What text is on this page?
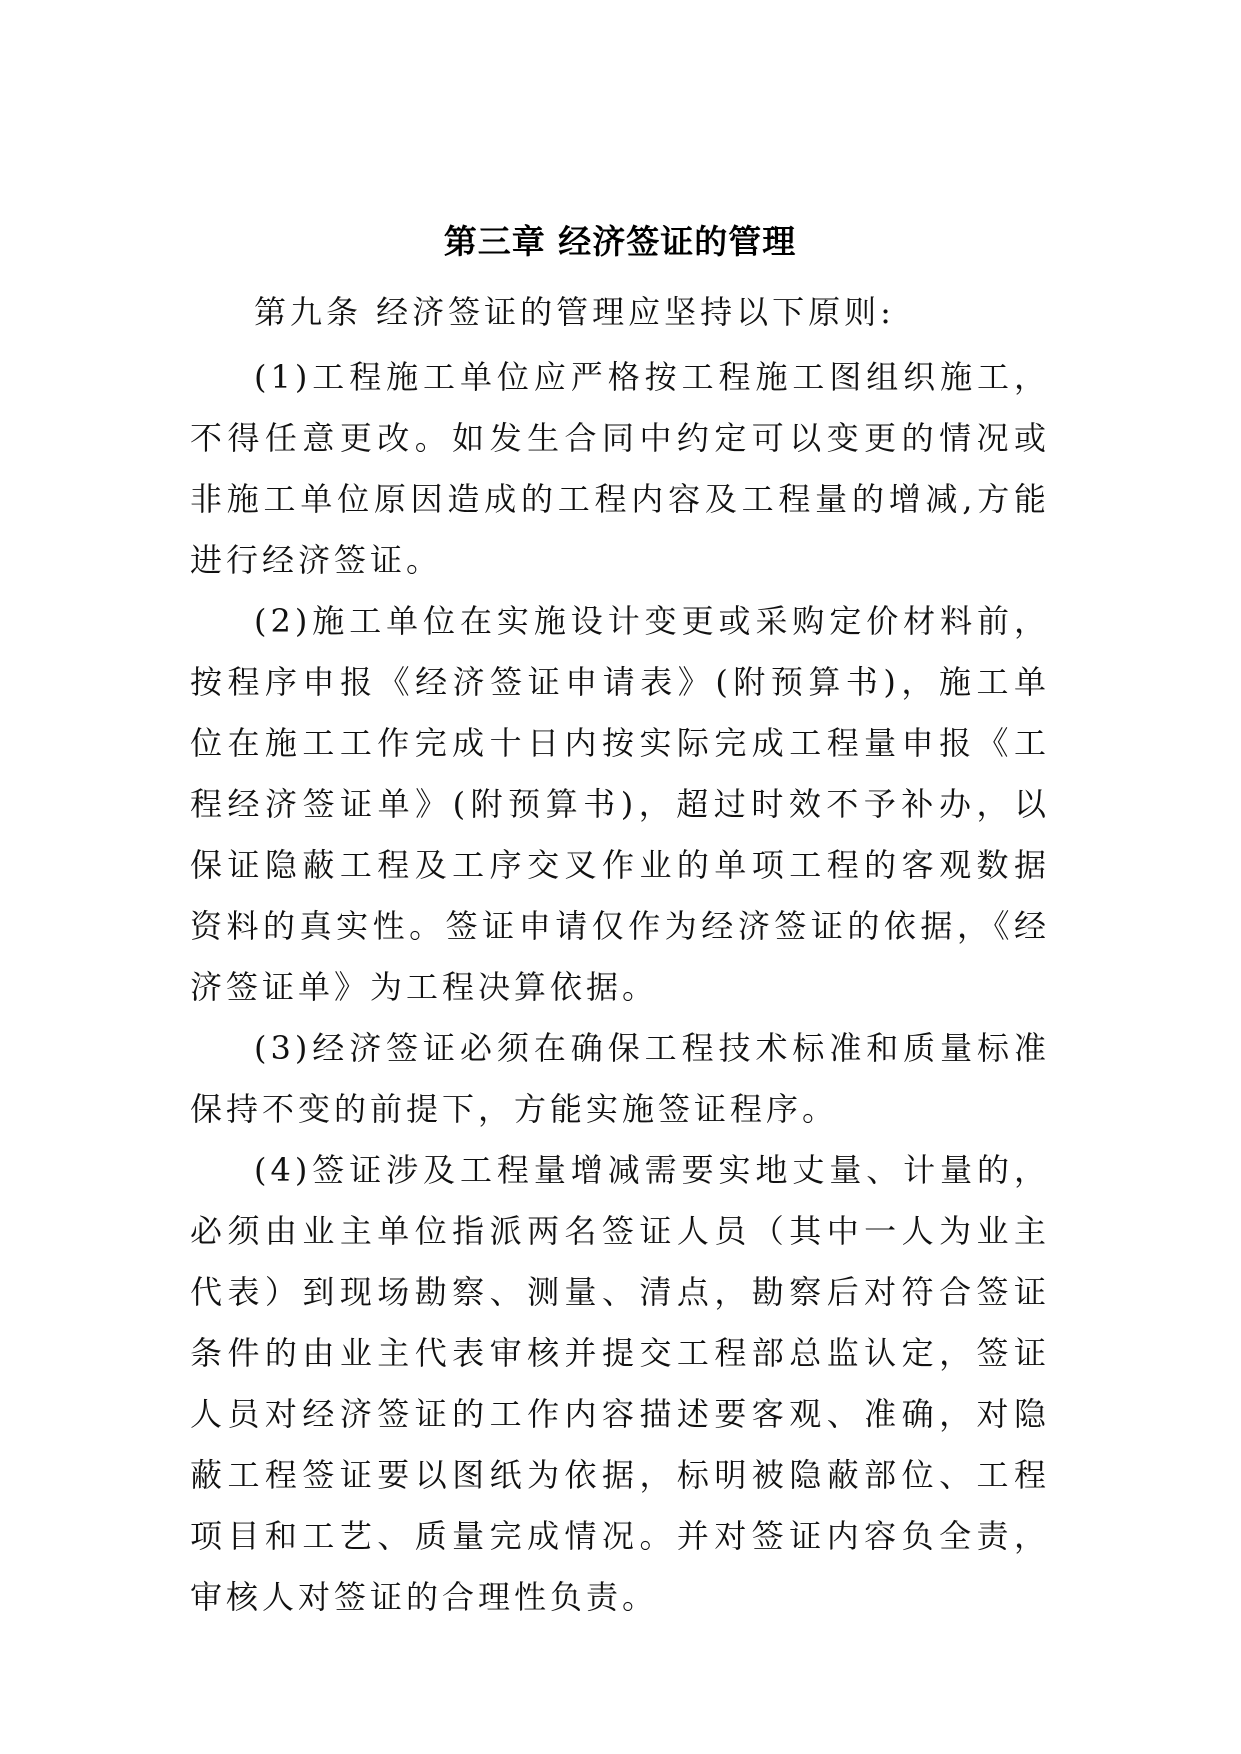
第三章 经济签证的管理

第九条 经济签证的管理应坚持以下原则:

(1)工程施工单位应严格按工程施工图组织施工，不得任意更改。如发生合同中约定可以变更的情况或非施工单位原因造成的工程内容及工程量的增减,方能进行经济签证。

(2)施工单位在实施设计变更或采购定价材料前，按程序申报《经济签证申请表》(附预算书)，施工单位在施工工作完成十日内按实际完成工程量申报《工程经济签证单》(附预算书)，超过时效不予补办，以保证隐蔽工程及工序交叉作业的单项工程的客观数据资料的真实性。签证申请仅作为经济签证的依据，《经济签证单》为工程决算依据。

(3)经济签证必须在确保工程技术标准和质量标准保持不变的前提下，方能实施签证程序。

(4)签证涉及工程量增减需要实地丈量、计量的，必须由业主单位指派两名签证人员（其中一人为业主代表）到现场勘察、测量、清点，勘察后对符合签证条件的由业主代表审核并提交工程部总监认定，签证人员对经济签证的工作内容描述要客观、准确，对隐蔽工程签证要以图纸为依据，标明被隐蔽部位、工程项目和工艺、质量完成情况。并对签证内容负全责，审核人对签证的合理性负责。
